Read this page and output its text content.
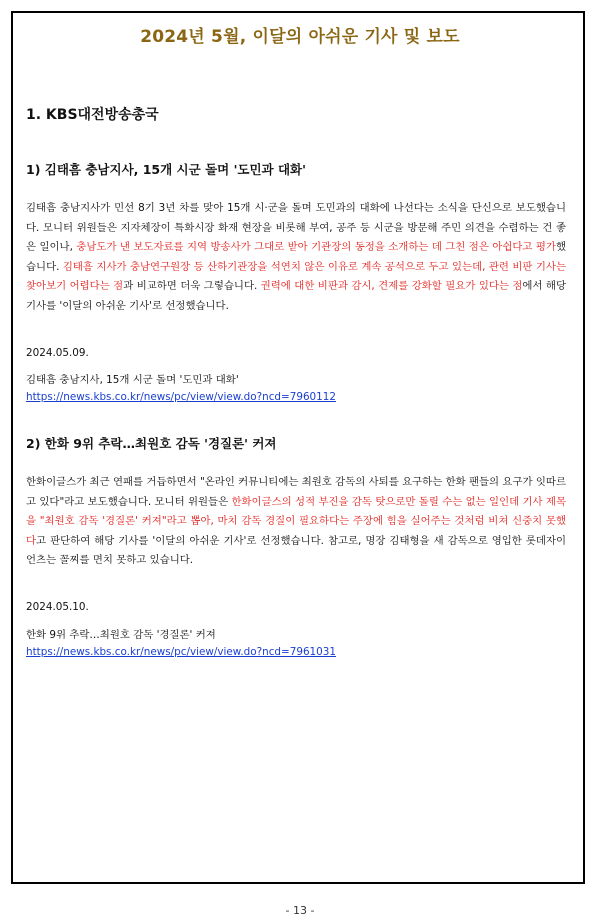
2024년 5월, 이달의 아쉬운 기사 및 보도
1. KBS대전방송총국
1) 김태흠 충남지사, 15개 시군 돌며 '도민과 대화'

김태흠 충남지사가 민선 8기 3년 차를 맞아 15개 시·군을 돌며 도민과의 대화에 나선다는 소식을 단신으로 보도했습니다. 모니터 위원들은 지자체장이 특화시장 화재 현장을 비롯해 부여, 공주 등 시군을 방문해 주민 의견을 수렴하는 건 좋은 일이나, 충남도가 낸 보도자료를 지역 방송사가 그대로 받아 기관장의 동정을 소개하는 데 그친 점은 아쉽다고 평가했습니다. 김태흠 지사가 충남연구원장 등 산하기관장을 석연치 않은 이유로 계속 공석으로 두고 있는데, 관련 비판 기사는 찾아보기 어렵다는 점과 비교하면 더욱 그렇습니다. 권력에 대한 비판과 감시, 견제를 강화할 필요가 있다는 점에서 해당 기사를 '이달의 아쉬운 기사'로 선정했습니다.

2024.05.09.
김태흠 충남지사, 15개 시군 돌며 '도민과 대화'
https://news.kbs.co.kr/news/pc/view/view.do?ncd=7960112
2) 한화 9위 추락…최원호 감독 '경질론' 커져

한화이글스가 최근 연패를 거듭하면서 "온라인 커뮤니티에는 최원호 감독의 사퇴를 요구하는 한화 팬들의 요구가 잇따르고 있다"라고 보도했습니다. 모니터 위원들은 한화이글스의 성적 부진을 감독 탓으로만 돌릴 수는 없는 일인데 기사 제목을 "최원호 감독 '경질론' 커져"라고 뽑아, 마치 감독 경질이 필요하다는 주장에 힘을 실어주는 것처럼 비쳐 신중치 못했다고 판단하여 해당 기사를 '이달의 아쉬운 기사'로 선정했습니다. 참고로, 명장 김태형을 새 감독으로 영입한 롯데자이언츠는 꼴찌를 면치 못하고 있습니다.

2024.05.10.
한화 9위 추락…최원호 감독 '경질론' 커져
https://news.kbs.co.kr/news/pc/view/view.do?ncd=7961031
- 13 -
